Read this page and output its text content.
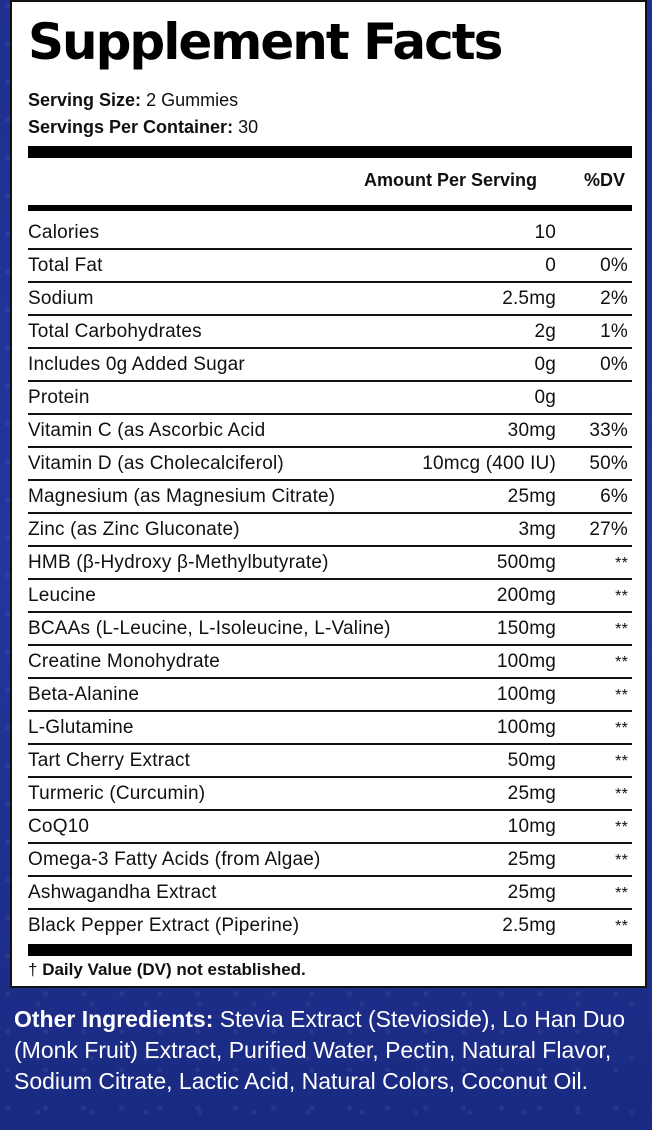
Supplement Facts
Serving Size: 2 Gummies
Servings Per Container: 30
Amount Per Serving	%DV
Calories	10
Total Fat	0 0%
Sodium	2.5mg 2%
Total Carbohydrates	2g 1%
Includes 0g Added Sugar	0g 0%
Protein	0g
Vitamin C (as Ascorbic Acid	30mg 33%
Vitamin D (as Cholecalciferol)	10mcg (400 IU) 50%
Magnesium (as Magnesium Citrate)	25mg 6%
Zinc (as Zinc Gluconate)	3mg 27%
HMB (β-Hydroxy β-Methylbutyrate)	500mg	**
Leucine	200mg	**
BCAAs (L-Leucine, L-Isoleucine, L-Valine)	150mg	**
Creatine Monohydrate	100mg	**
Beta-Alanine	100mg	**
L-Glutamine	100mg	**
Tart Cherry Extract	50mg	**
Turmeric (Curcumin)	25mg	**
CoQ10	10mg	**
Omega-3 Fatty Acids (from Algae)	25mg	**
Ashwagandha Extract	25mg	**
Black Pepper Extract (Piperine)	2.5mg	**
† Daily Value (DV) not established.
Other Ingredients: Stevia Extract (Stevioside), Lo Han Duo (Monk Fruit) Extract, Purified Water, Pectin, Natural Flavor, Sodium Citrate, Lactic Acid, Natural Colors, Coconut Oil.
